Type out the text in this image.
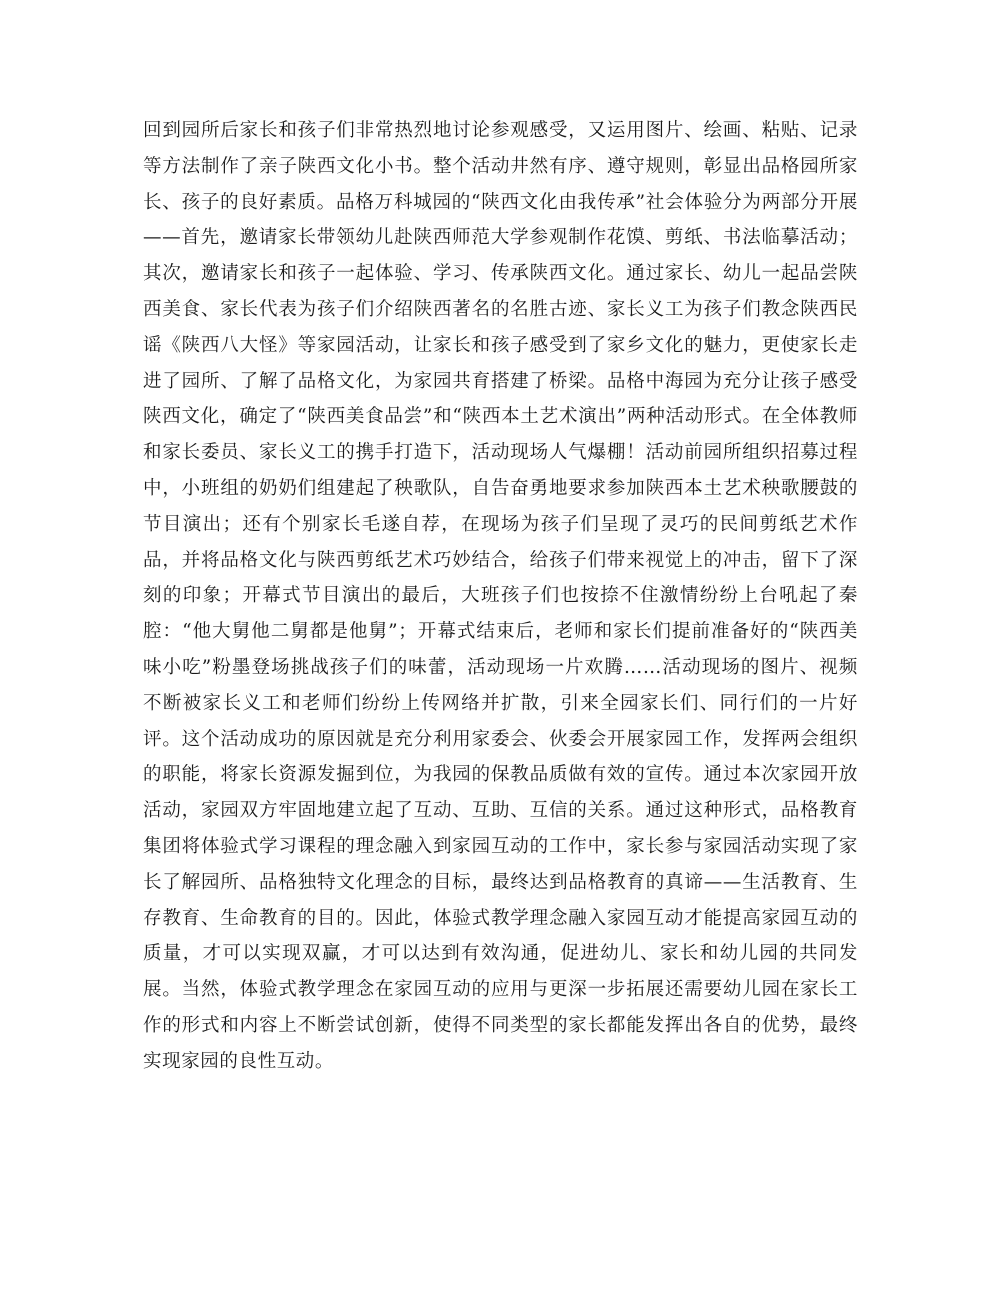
回到园所后家长和孩子们非常热烈地讨论参观感受，又运用图片、绘画、粘贴、记录等方法制作了亲子陕西文化小书。整个活动井然有序、遵守规则，彰显出品格园所家长、孩子的良好素质。品格万科城园的“陕西文化由我传承”社会体验分为两部分开展——首先，邀请家长带领幼儿赴陕西师范大学参观制作花馍、剪纸、书法临摹活动；其次，邀请家长和孩子一起体验、学习、传承陕西文化。通过家长、幼儿一起品尝陕西美食、家长代表为孩子们介绍陕西著名的名胜古迹、家长义工为孩子们教念陕西民谣《陕西八大怪》等家园活动，让家长和孩子感受到了家乡文化的魅力，更使家长走进了园所、了解了品格文化，为家园共育搭建了桥梁。品格中海园为充分让孩子感受陕西文化，确定了“陕西美食品尝”和“陕西本土艺术演出”两种活动形式。在全体教师和家长委员、家长义工的携手打造下，活动现场人气爆棚！活动前园所组织招募过程中，小班组的奶奶们组建起了秧歌队，自告奋勇地要求参加陕西本土艺术秧歌腰鼓的节目演出；还有个别家长毛遂自荐，在现场为孩子们呈现了灵巧的民间剪纸艺术作品，并将品格文化与陕西剪纸艺术巧妙结合，给孩子们带来视觉上的冲击，留下了深刻的印象；开幕式节目演出的最后，大班孩子们也按捺不住激情纷纷上台吼起了秦腔：“他大舅他二舅都是他舅”；开幕式结束后，老师和家长们提前准备好的“陕西美味小吃”粉墨登场挑战孩子们的味蕾，活动现场一片欢腾……活动现场的图片、视频不断被家长义工和老师们纷纷上传网络并扩散，引来全园家长们、同行们的一片好评。这个活动成功的原因就是充分利用家委会、伙委会开展家园工作，发挥两会组织的职能，将家长资源发掘到位，为我园的保教品质做有效的宣传。通过本次家园开放活动，家园双方牢固地建立起了互动、互助、互信的关系。通过这种形式，品格教育集团将体验式学习课程的理念融入到家园互动的工作中，家长参与家园活动实现了家长了解园所、品格独特文化理念的目标，最终达到品格教育的真谛——生活教育、生存教育、生命教育的目的。因此，体验式教学理念融入家园互动才能提高家园互动的质量，才可以实现双赢，才可以达到有效沟通，促进幼儿、家长和幼儿园的共同发展。当然，体验式教学理念在家园互动的应用与更深一步拓展还需要幼儿园在家长工作的形式和内容上不断尝试创新，使得不同类型的家长都能发挥出各自的优势，最终实现家园的良性互动。
